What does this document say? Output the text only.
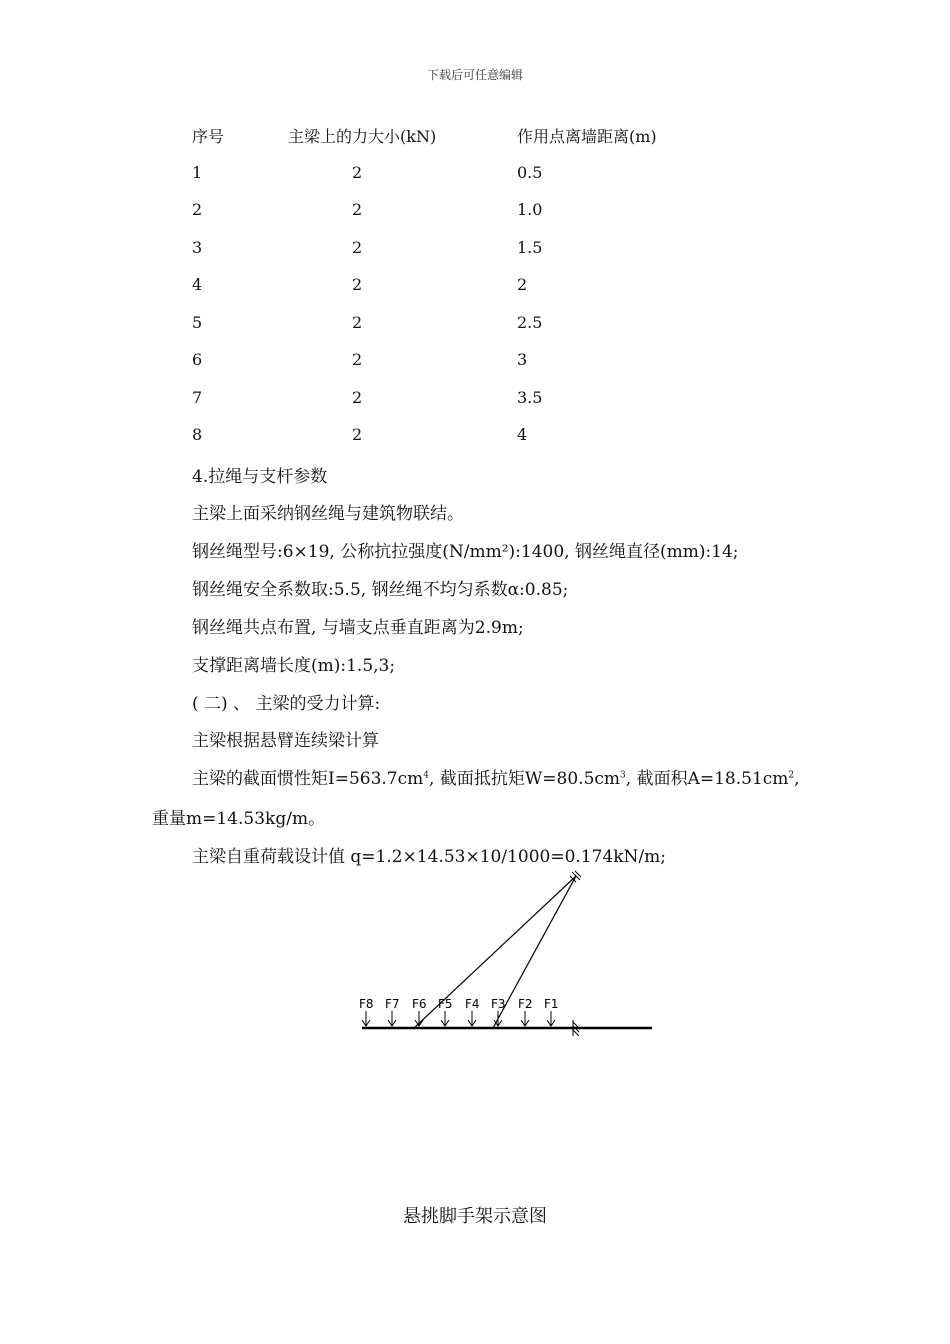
下载后可任意编辑
序号	主梁上的力大小(kN)	作用点离墙距离(m)
1	2	0.5
2	2	1.0
3	2	1.5
4	2	2
5	2	2.5
6	2	3
7	2	3.5
8	2	4
4.拉绳与支杆参数
主梁上面采纳钢丝绳与建筑物联结。
钢丝绳型号:6×19, 公称抗拉强度(N/mm²):1400, 钢丝绳直径(mm):14;
钢丝绳安全系数取:5.5, 钢丝绳不均匀系数α:0.85;
钢丝绳共点布置, 与墙支点垂直距离为2.9m;
支撑距离墙长度(m):1.5,3;
( 二) 、 主梁的受力计算:
主梁根据悬臂连续梁计算
主梁的截面惯性矩$I=563.7cm^4$, 截面抵抗矩$W=80.5cm^3$, 截面积$A=18.51cm^2$,
重量m=14.53kg/m。
主梁自重荷载设计值 q=1.2×14.53×10/1000=0.174kN/m;
F8 F7 F6 F5 F4 F3 F2 F1
悬挑脚手架示意图
